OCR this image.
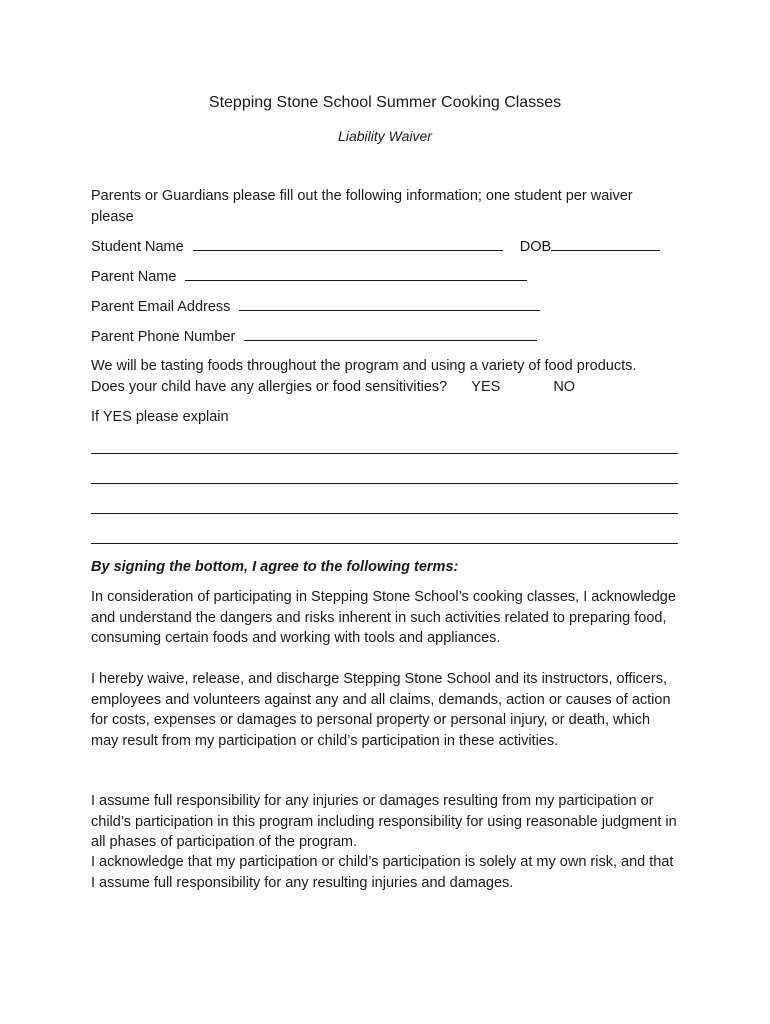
Stepping Stone School Summer Cooking Classes
Liability Waiver
Parents or Guardians please fill out the following information; one student per waiver please
Student Name	DOB
Parent Name
Parent Email Address
Parent Phone Number
We will be tasting foods throughout the program and using a variety of food products.
Does your child have any allergies or food sensitivities? YES	NO
If YES please explain
By signing the bottom, I agree to the following terms:
In consideration of participating in Stepping Stone School’s cooking classes, I acknowledge and understand the dangers and risks inherent in such activities related to preparing food, consuming certain foods and working with tools and appliances.
I hereby waive, release, and discharge Stepping Stone School and its instructors, officers, employees and volunteers against any and all claims, demands, action or causes of action for costs, expenses or damages to personal property or personal injury, or death, which may result from my participation or child’s participation in these activities.
I assume full responsibility for any injuries or damages resulting from my participation or child’s participation in this program including responsibility for using reasonable judgment in all phases of participation of the program.
I acknowledge that my participation or child’s participation is solely at my own risk, and that I assume full responsibility for any resulting injuries and damages.
